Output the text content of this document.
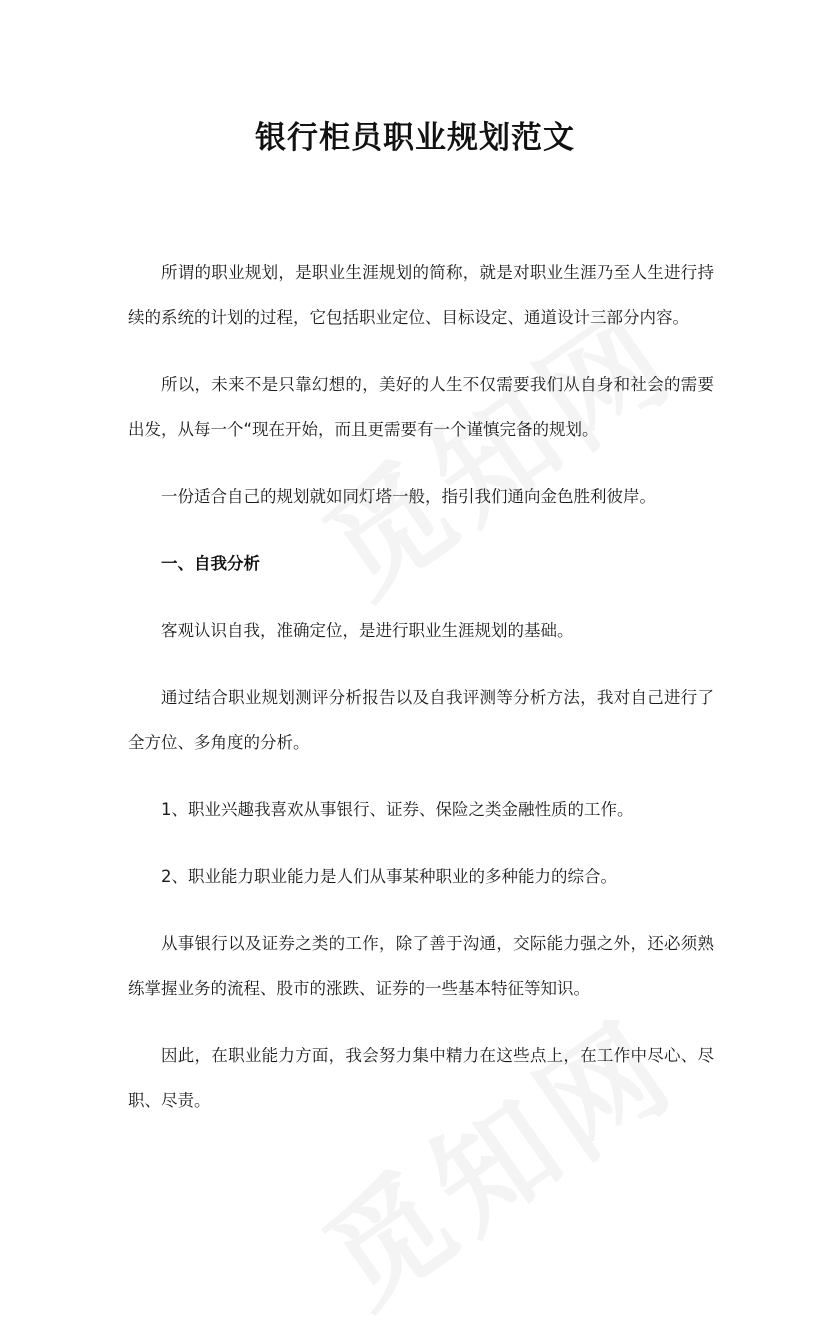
银行柜员职业规划范文

所谓的职业规划，是职业生涯规划的简称，就是对职业生涯乃至人生进行持续的系统的计划的过程，它包括职业定位、目标设定、通道设计三部分内容。

所以，未来不是只靠幻想的，美好的人生不仅需要我们从自身和社会的需要出发，从每一个“现在开始，而且更需要有一个谨慎完备的规划。

一份适合自己的规划就如同灯塔一般，指引我们通向金色胜利彼岸。

一、自我分析

客观认识自我，准确定位，是进行职业生涯规划的基础。

通过结合职业规划测评分析报告以及自我评测等分析方法，我对自己进行了全方位、多角度的分析。

1、职业兴趣我喜欢从事银行、证券、保险之类金融性质的工作。

2、职业能力职业能力是人们从事某种职业的多种能力的综合。

从事银行以及证券之类的工作，除了善于沟通，交际能力强之外，还必须熟练掌握业务的流程、股市的涨跌、证券的一些基本特征等知识。

因此，在职业能力方面，我会努力集中精力在这些点上，在工作中尽心、尽职、尽责。
